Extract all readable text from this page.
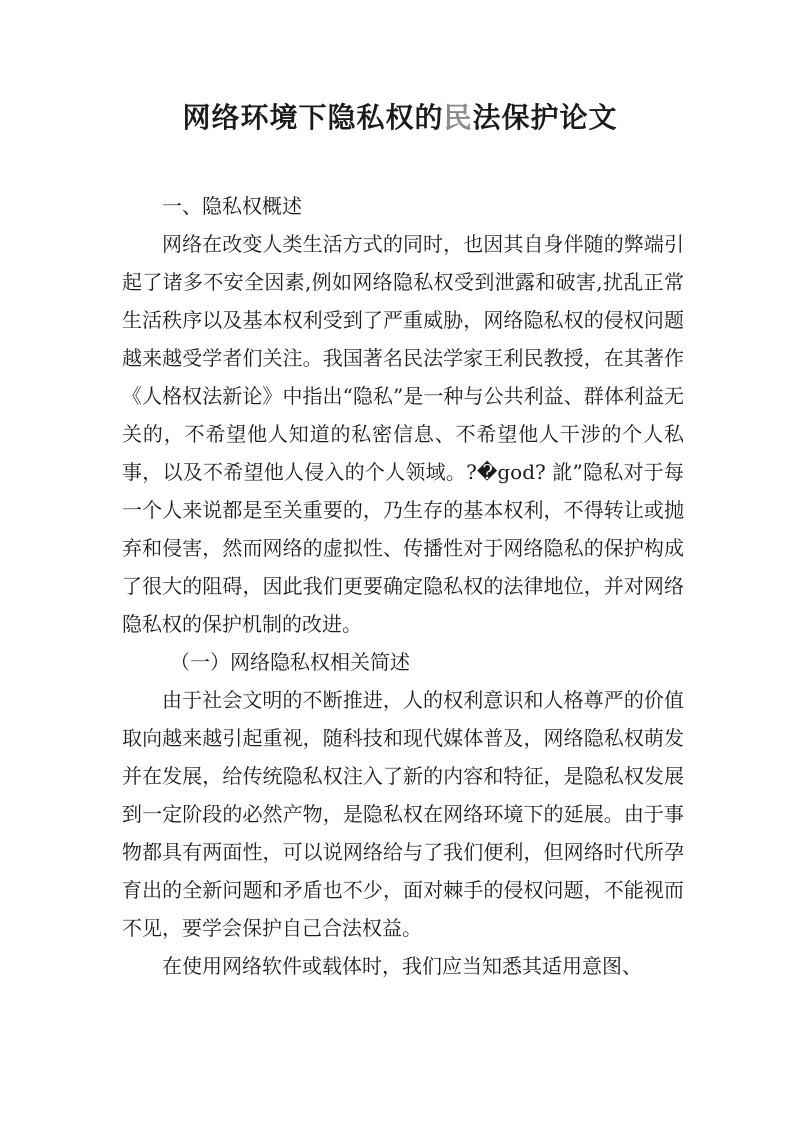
网络环境下隐私权的民法保护论文

一、隐私权概述

网络在改变人类生活方式的同时，也因其自身伴随的弊端引起了诸多不安全因素,例如网络隐私权受到泄露和破害,扰乱正常生活秩序以及基本权利受到了严重威胁，网络隐私权的侵权问题越来越受学者们关注。我国著名民法学家王利民教授，在其著作《人格权法新论》中指出“隐私”是一种与公共利益、群体利益无关的，不希望他人知道的私密信息、不希望他人干涉的个人私事，以及不希望他人侵入的个人领域。?�god? 訛”隐私对于每一个人来说都是至关重要的，乃生存的基本权利，不得转让或抛弃和侵害，然而网络的虚拟性、传播性对于网络隐私的保护构成了很大的阻碍，因此我们更要确定隐私权的法律地位，并对网络隐私权的保护机制的改进。

（一）网络隐私权相关简述

由于社会文明的不断推进，人的权利意识和人格尊严的价值取向越来越引起重视，随科技和现代媒体普及，网络隐私权萌发并在发展，给传统隐私权注入了新的内容和特征，是隐私权发展到一定阶段的必然产物，是隐私权在网络环境下的延展。由于事物都具有两面性，可以说网络给与了我们便利，但网络时代所孕育出的全新问题和矛盾也不少，面对棘手的侵权问题，不能视而不见，要学会保护自己合法权益。

在使用网络软件或载体时，我们应当知悉其适用意图、
